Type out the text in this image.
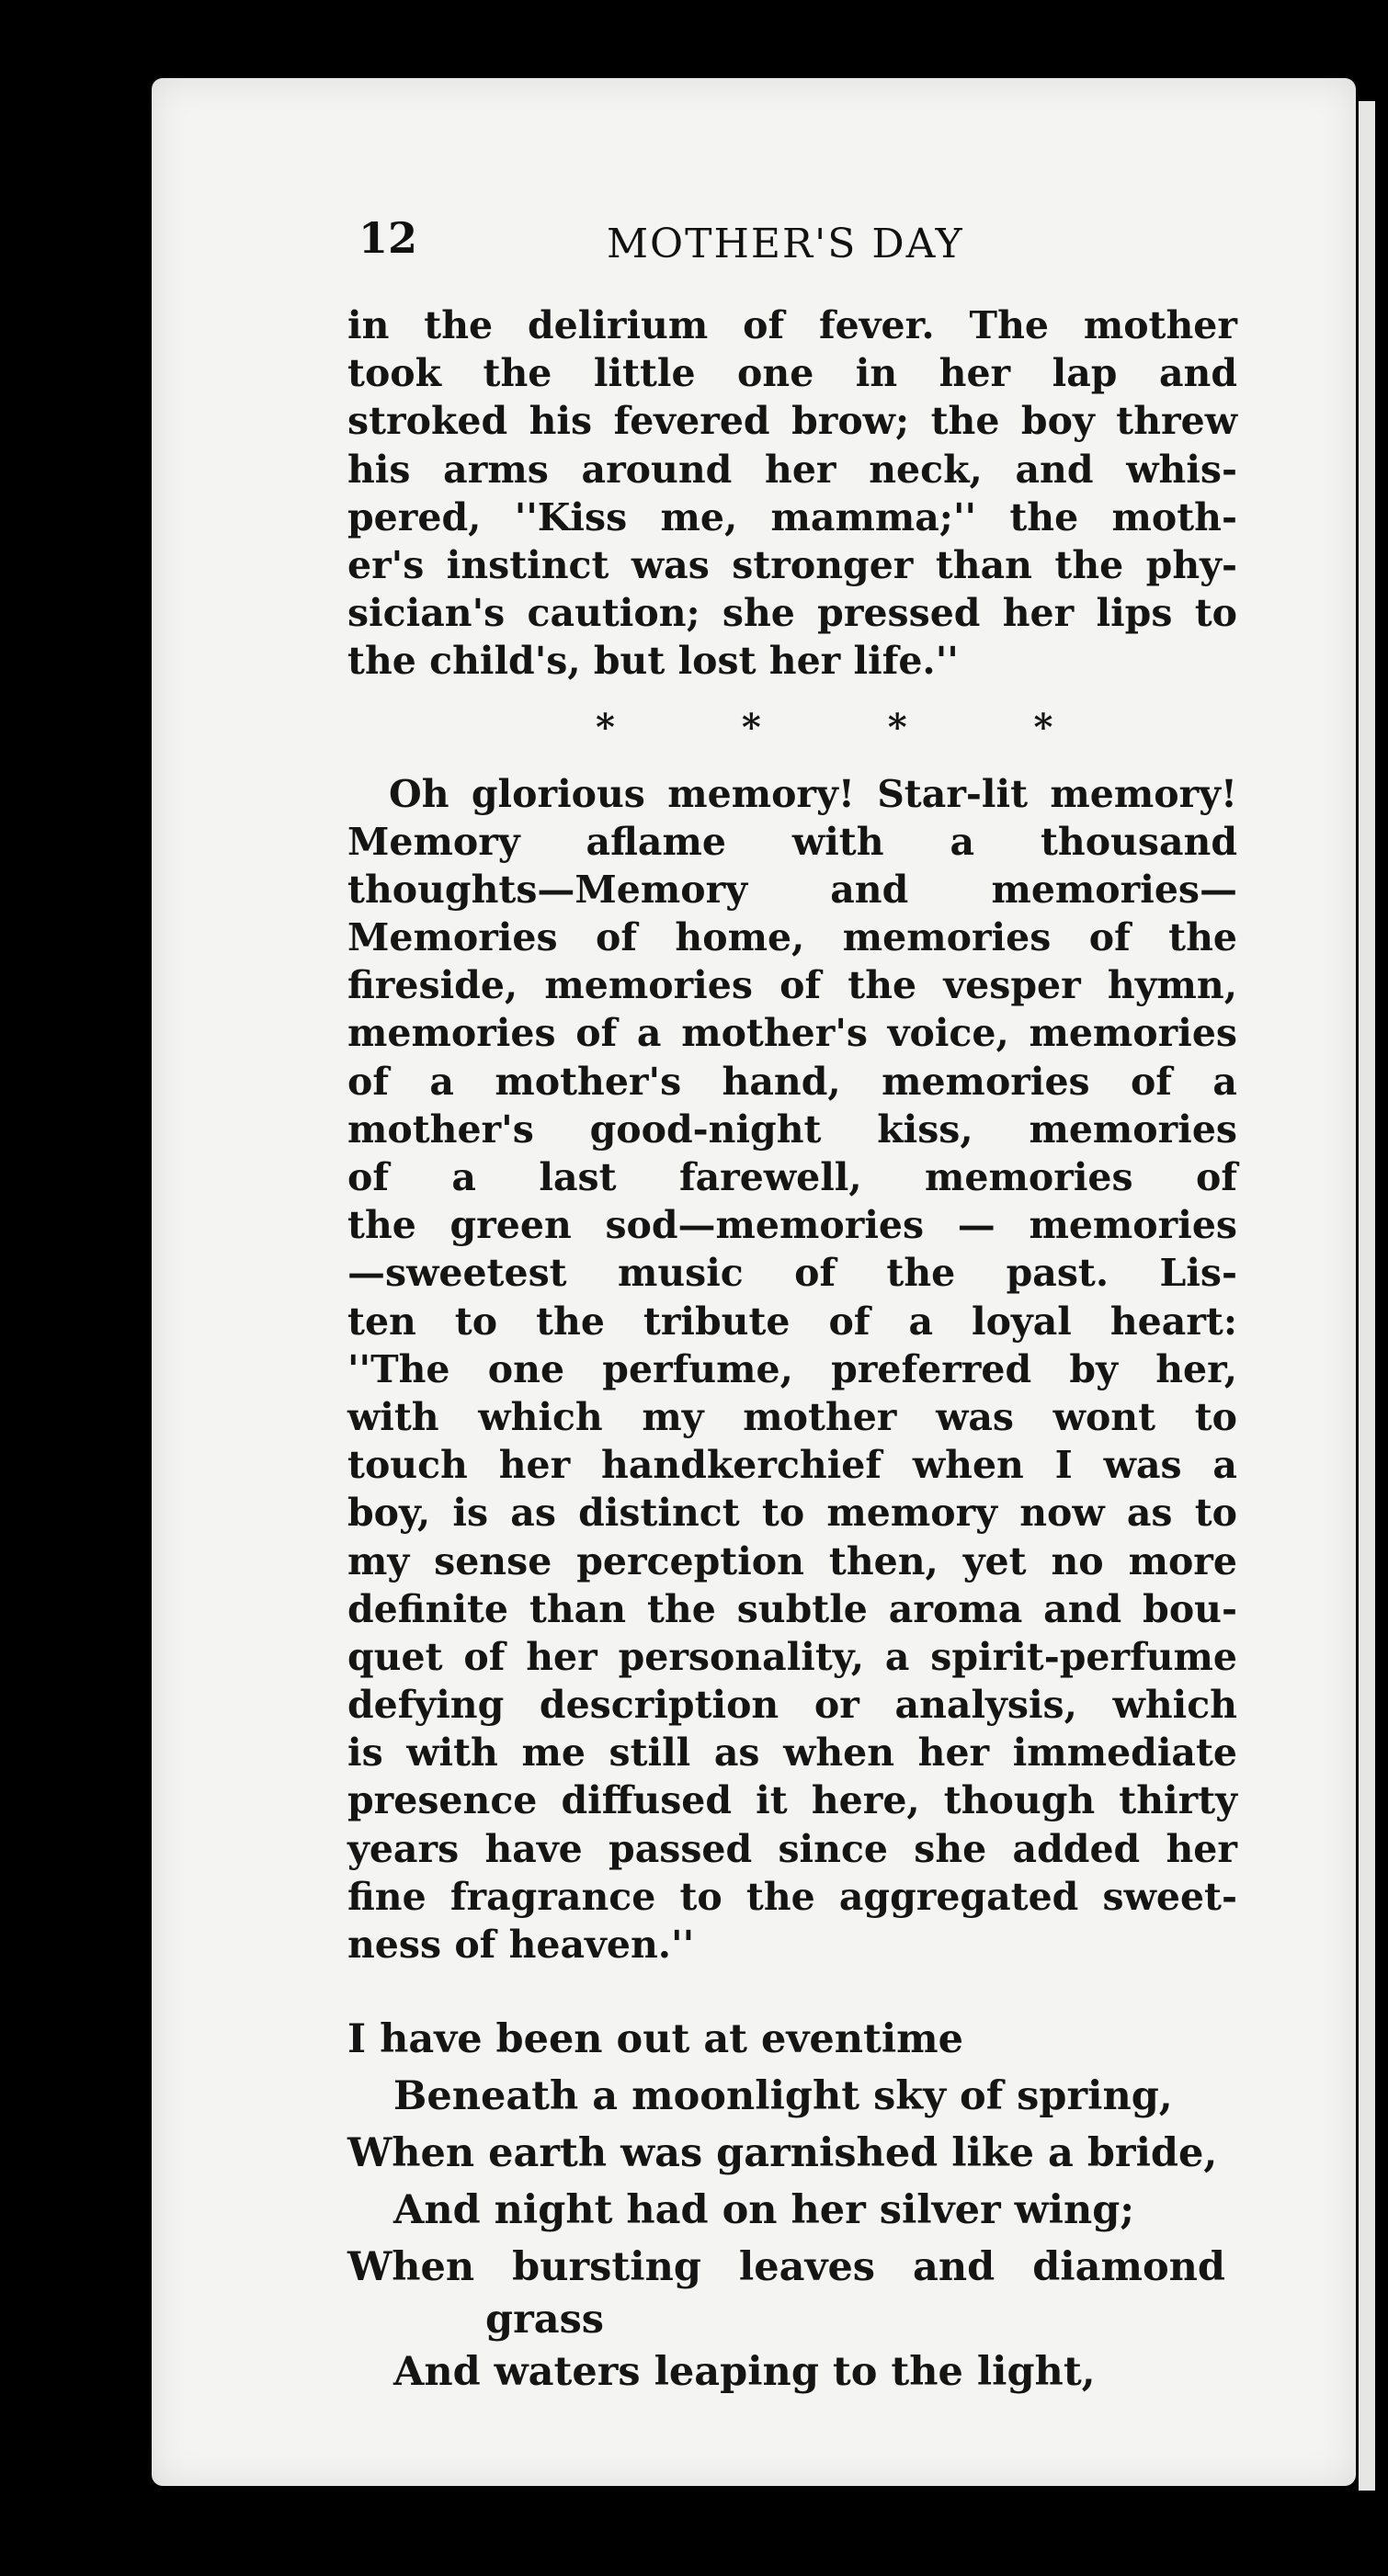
12	MOTHER'S DAY
in the delirium of fever. The mother
took the little one in her lap and
stroked his fevered brow; the boy threw
his arms around her neck, and whis-
pered, ''Kiss me, mamma;'' the moth-
er's instinct was stronger than the phy-
sician's caution; she pressed her lips to
the child's, but lost her life.''
* * * *
Oh glorious memory! Star-lit memory!
Memory aflame with a thousand
thoughts—Memory and memories—
Memories of home, memories of the
fireside, memories of the vesper hymn,
memories of a mother's voice, memories
of a mother's hand, memories of a
mother's good-night kiss, memories
of a last farewell, memories of
the green sod—memories — memories
—sweetest music of the past. Lis-
ten to the tribute of a loyal heart:
''The one perfume, preferred by her,
with which my mother was wont to
touch her handkerchief when I was a
boy, is as distinct to memory now as to
my sense perception then, yet no more
definite than the subtle aroma and bou-
quet of her personality, a spirit-perfume
defying description or analysis, which
is with me still as when her immediate
presence diffused it here, though thirty
years have passed since she added her
fine fragrance to the aggregated sweet-
ness of heaven.''
I have been out at eventime
Beneath a moonlight sky of spring,
When earth was garnished like a bride,
And night had on her silver wing;
When bursting leaves and diamond
grass
And waters leaping to the light,
